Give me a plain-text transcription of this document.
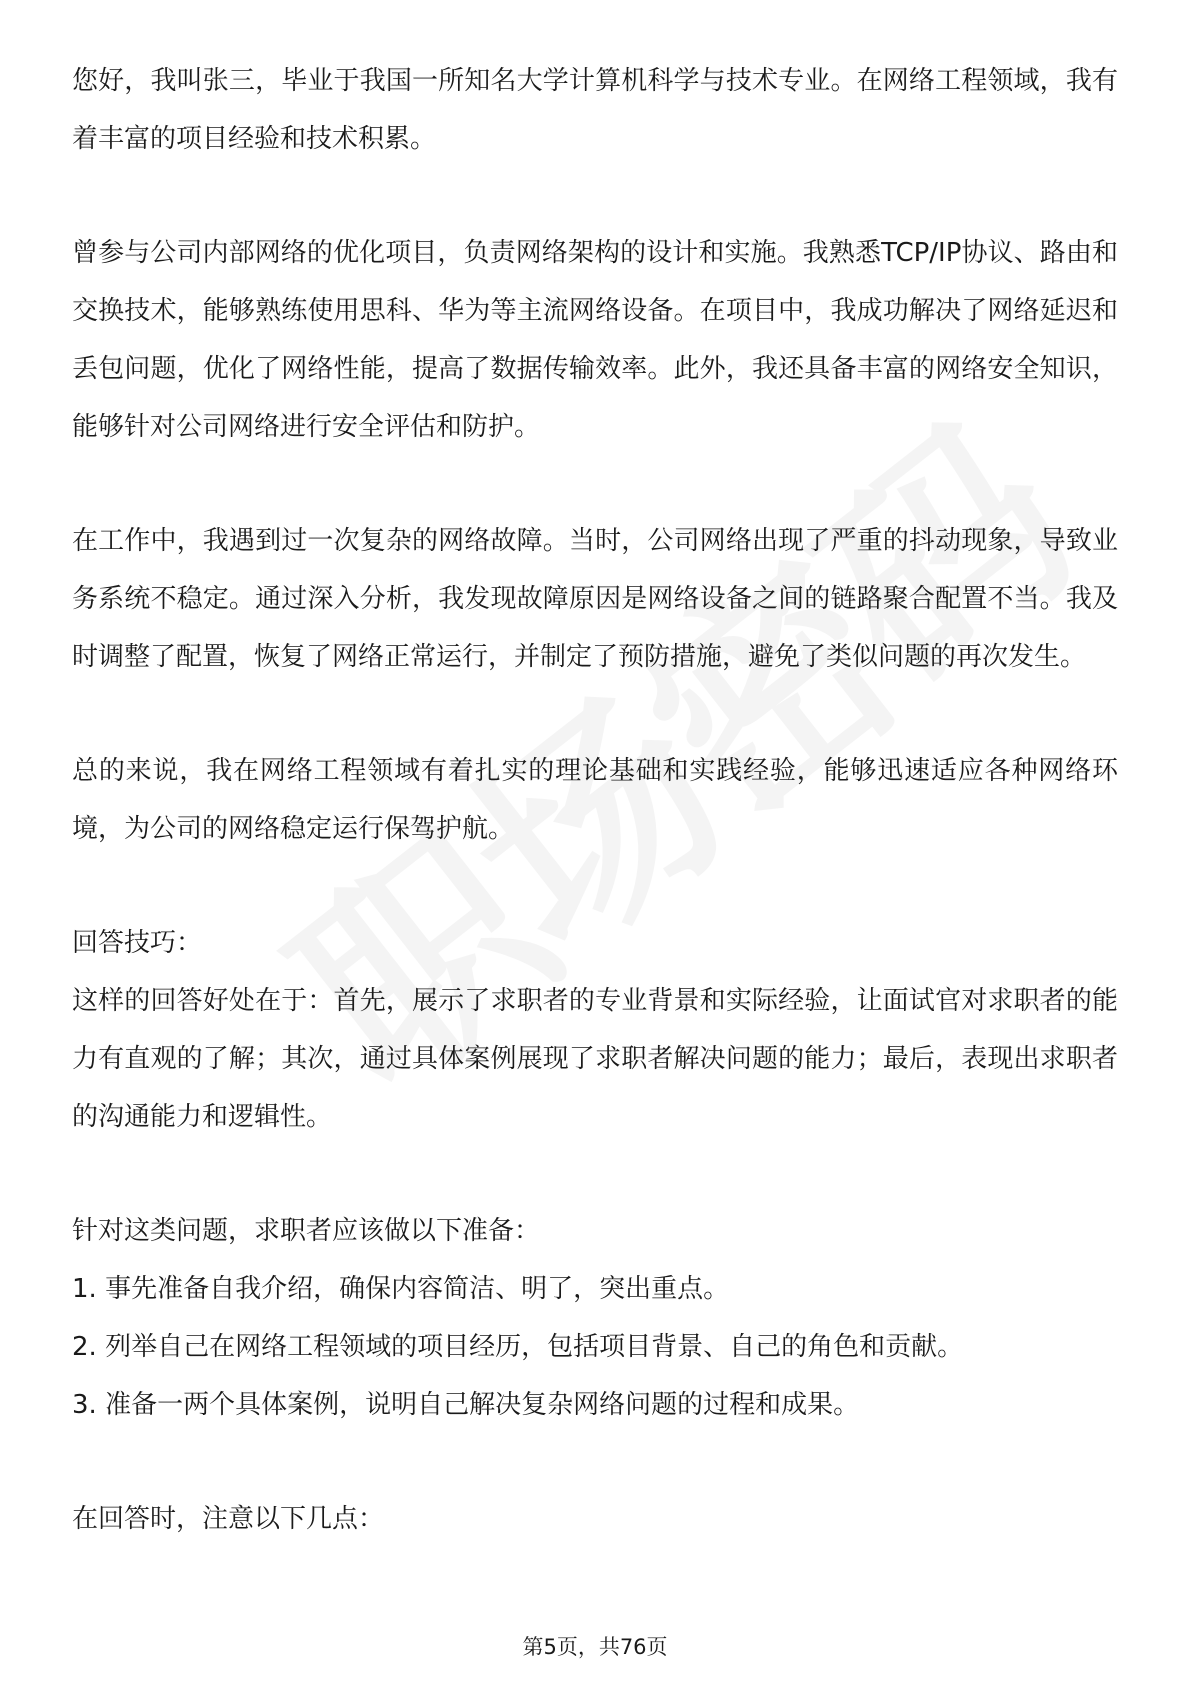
您好，我叫张三，毕业于我国一所知名大学计算机科学与技术专业。在网络工程领域，我有着丰富的项目经验和技术积累。

曾参与公司内部网络的优化项目，负责网络架构的设计和实施。我熟悉TCP/IP协议、路由和交换技术，能够熟练使用思科、华为等主流网络设备。在项目中，我成功解决了网络延迟和丢包问题，优化了网络性能，提高了数据传输效率。此外，我还具备丰富的网络安全知识，能够针对公司网络进行安全评估和防护。

在工作中，我遇到过一次复杂的网络故障。当时，公司网络出现了严重的抖动现象，导致业务系统不稳定。通过深入分析，我发现故障原因是网络设备之间的链路聚合配置不当。我及时调整了配置，恢复了网络正常运行，并制定了预防措施，避免了类似问题的再次发生。

总的来说，我在网络工程领域有着扎实的理论基础和实践经验，能够迅速适应各种网络环境，为公司的网络稳定运行保驾护航。

回答技巧：

这样的回答好处在于：首先，展示了求职者的专业背景和实际经验，让面试官对求职者的能力有直观的了解；其次，通过具体案例展现了求职者解决问题的能力；最后，表现出求职者的沟通能力和逻辑性。

针对这类问题，求职者应该做以下准备：

1. 事先准备自我介绍，确保内容简洁、明了，突出重点。

2. 列举自己在网络工程领域的项目经历，包括项目背景、自己的角色和贡献。

3. 准备一两个具体案例，说明自己解决复杂网络问题的过程和成果。

在回答时，注意以下几点：

第5页，共76页
